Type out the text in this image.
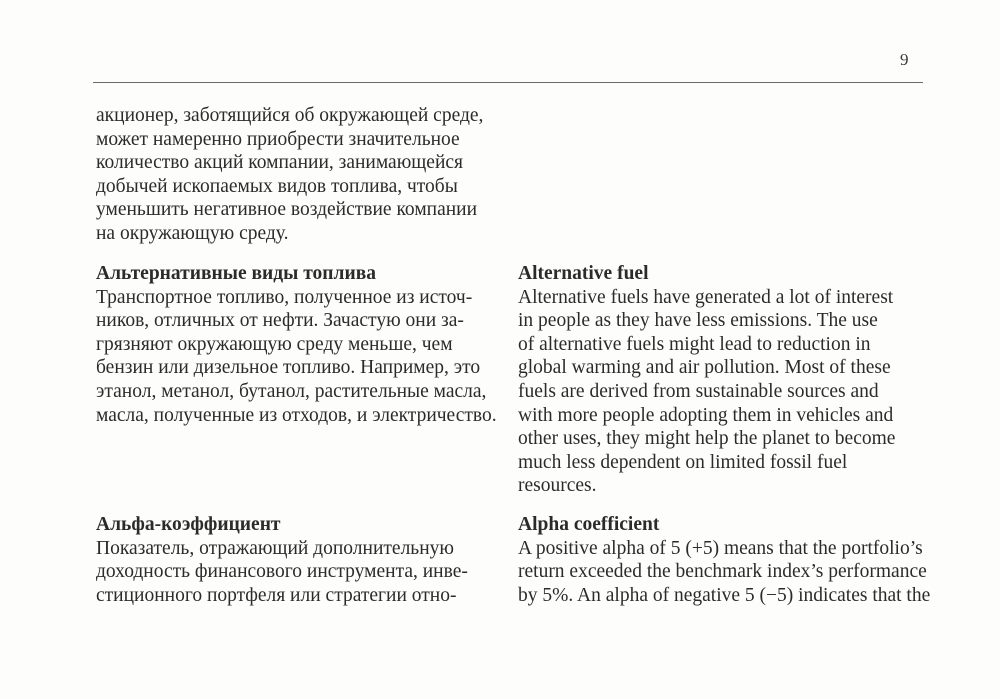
9

акционер, заботящийся об окружающей среде,

может намеренно приобрести значительное

количество акций компании, занимающейся

добычей ископаемых видов топлива, чтобы

уменьшить негативное воздействие компании

на окружающую среду.

Альтернативные виды топлива

Транспортное топливо, полученное из источ-

ников, отличных от нефти. Зачастую они за-

грязняют окружающую среду меньше, чем

бензин или дизельное топливо. Например, это

этанол, метанол, бутанол, растительные масла,

масла, полученные из отходов, и электричество.

Alternative fuel

Alternative fuels have generated a lot of interest

in people as they have less emissions. The use

of alternative fuels might lead to reduction in

global warming and air pollution. Most of these

fuels are derived from sustainable sources and

with more people adopting them in vehicles and

other uses, they might help the planet to become

much less dependent on limited fossil fuel

resources.

Альфа-коэффициент

Показатель, отражающий дополнительную

доходность финансового инструмента, инве-

стиционного портфеля или стратегии отно-

Alpha coefficient

A positive alpha of 5 (+5) means that the portfolio’s

return exceeded the benchmark index’s performance

by 5%. An alpha of negative 5 (−5) indicates that the
